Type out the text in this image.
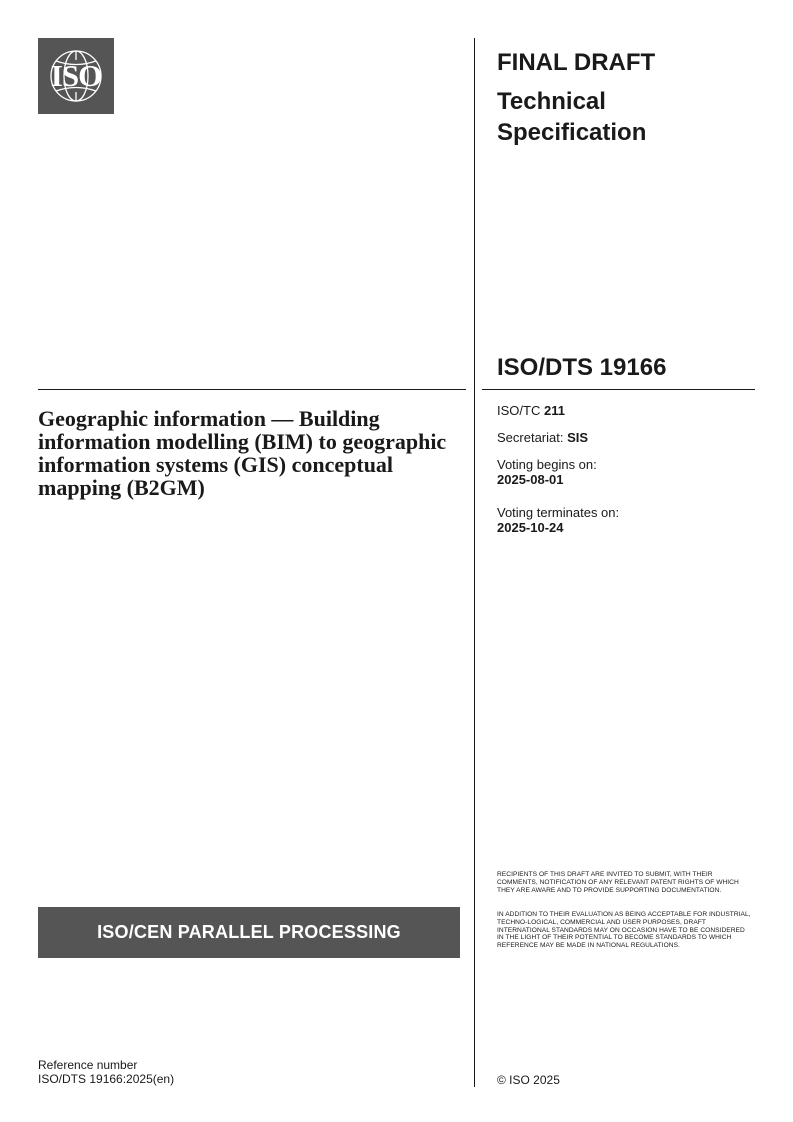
ISO	FINAL DRAFT

Technical Specification

ISO/DTS 19166

Geographic information — Building information modelling (BIM) to geographic information systems (GIS) conceptual mapping (B2GM)

ISO/TC 211

Secretariat: SIS

Voting begins on:
2025-08-01

Voting terminates on:
2025-10-24

ISO/CEN PARALLEL PROCESSING

RECIPIENTS OF THIS DRAFT ARE INVITED TO SUBMIT, WITH THEIR COMMENTS, NOTIFICATION OF ANY RELEVANT PATENT RIGHTS OF WHICH THEY ARE AWARE AND TO PROVIDE SUPPORTING DOCUMENTATION.

IN ADDITION TO THEIR EVALUATION AS BEING ACCEPTABLE FOR INDUSTRIAL, TECHNO-LOGICAL, COMMERCIAL AND USER PURPOSES, DRAFT INTERNATIONAL STANDARDS MAY ON OCCASION HAVE TO BE CONSIDERED IN THE LIGHT OF THEIR POTENTIAL TO BECOME STANDARDS TO WHICH REFERENCE MAY BE MADE IN NATIONAL REGULATIONS.

Reference number
ISO/DTS 19166:2025(en)	© ISO 2025
